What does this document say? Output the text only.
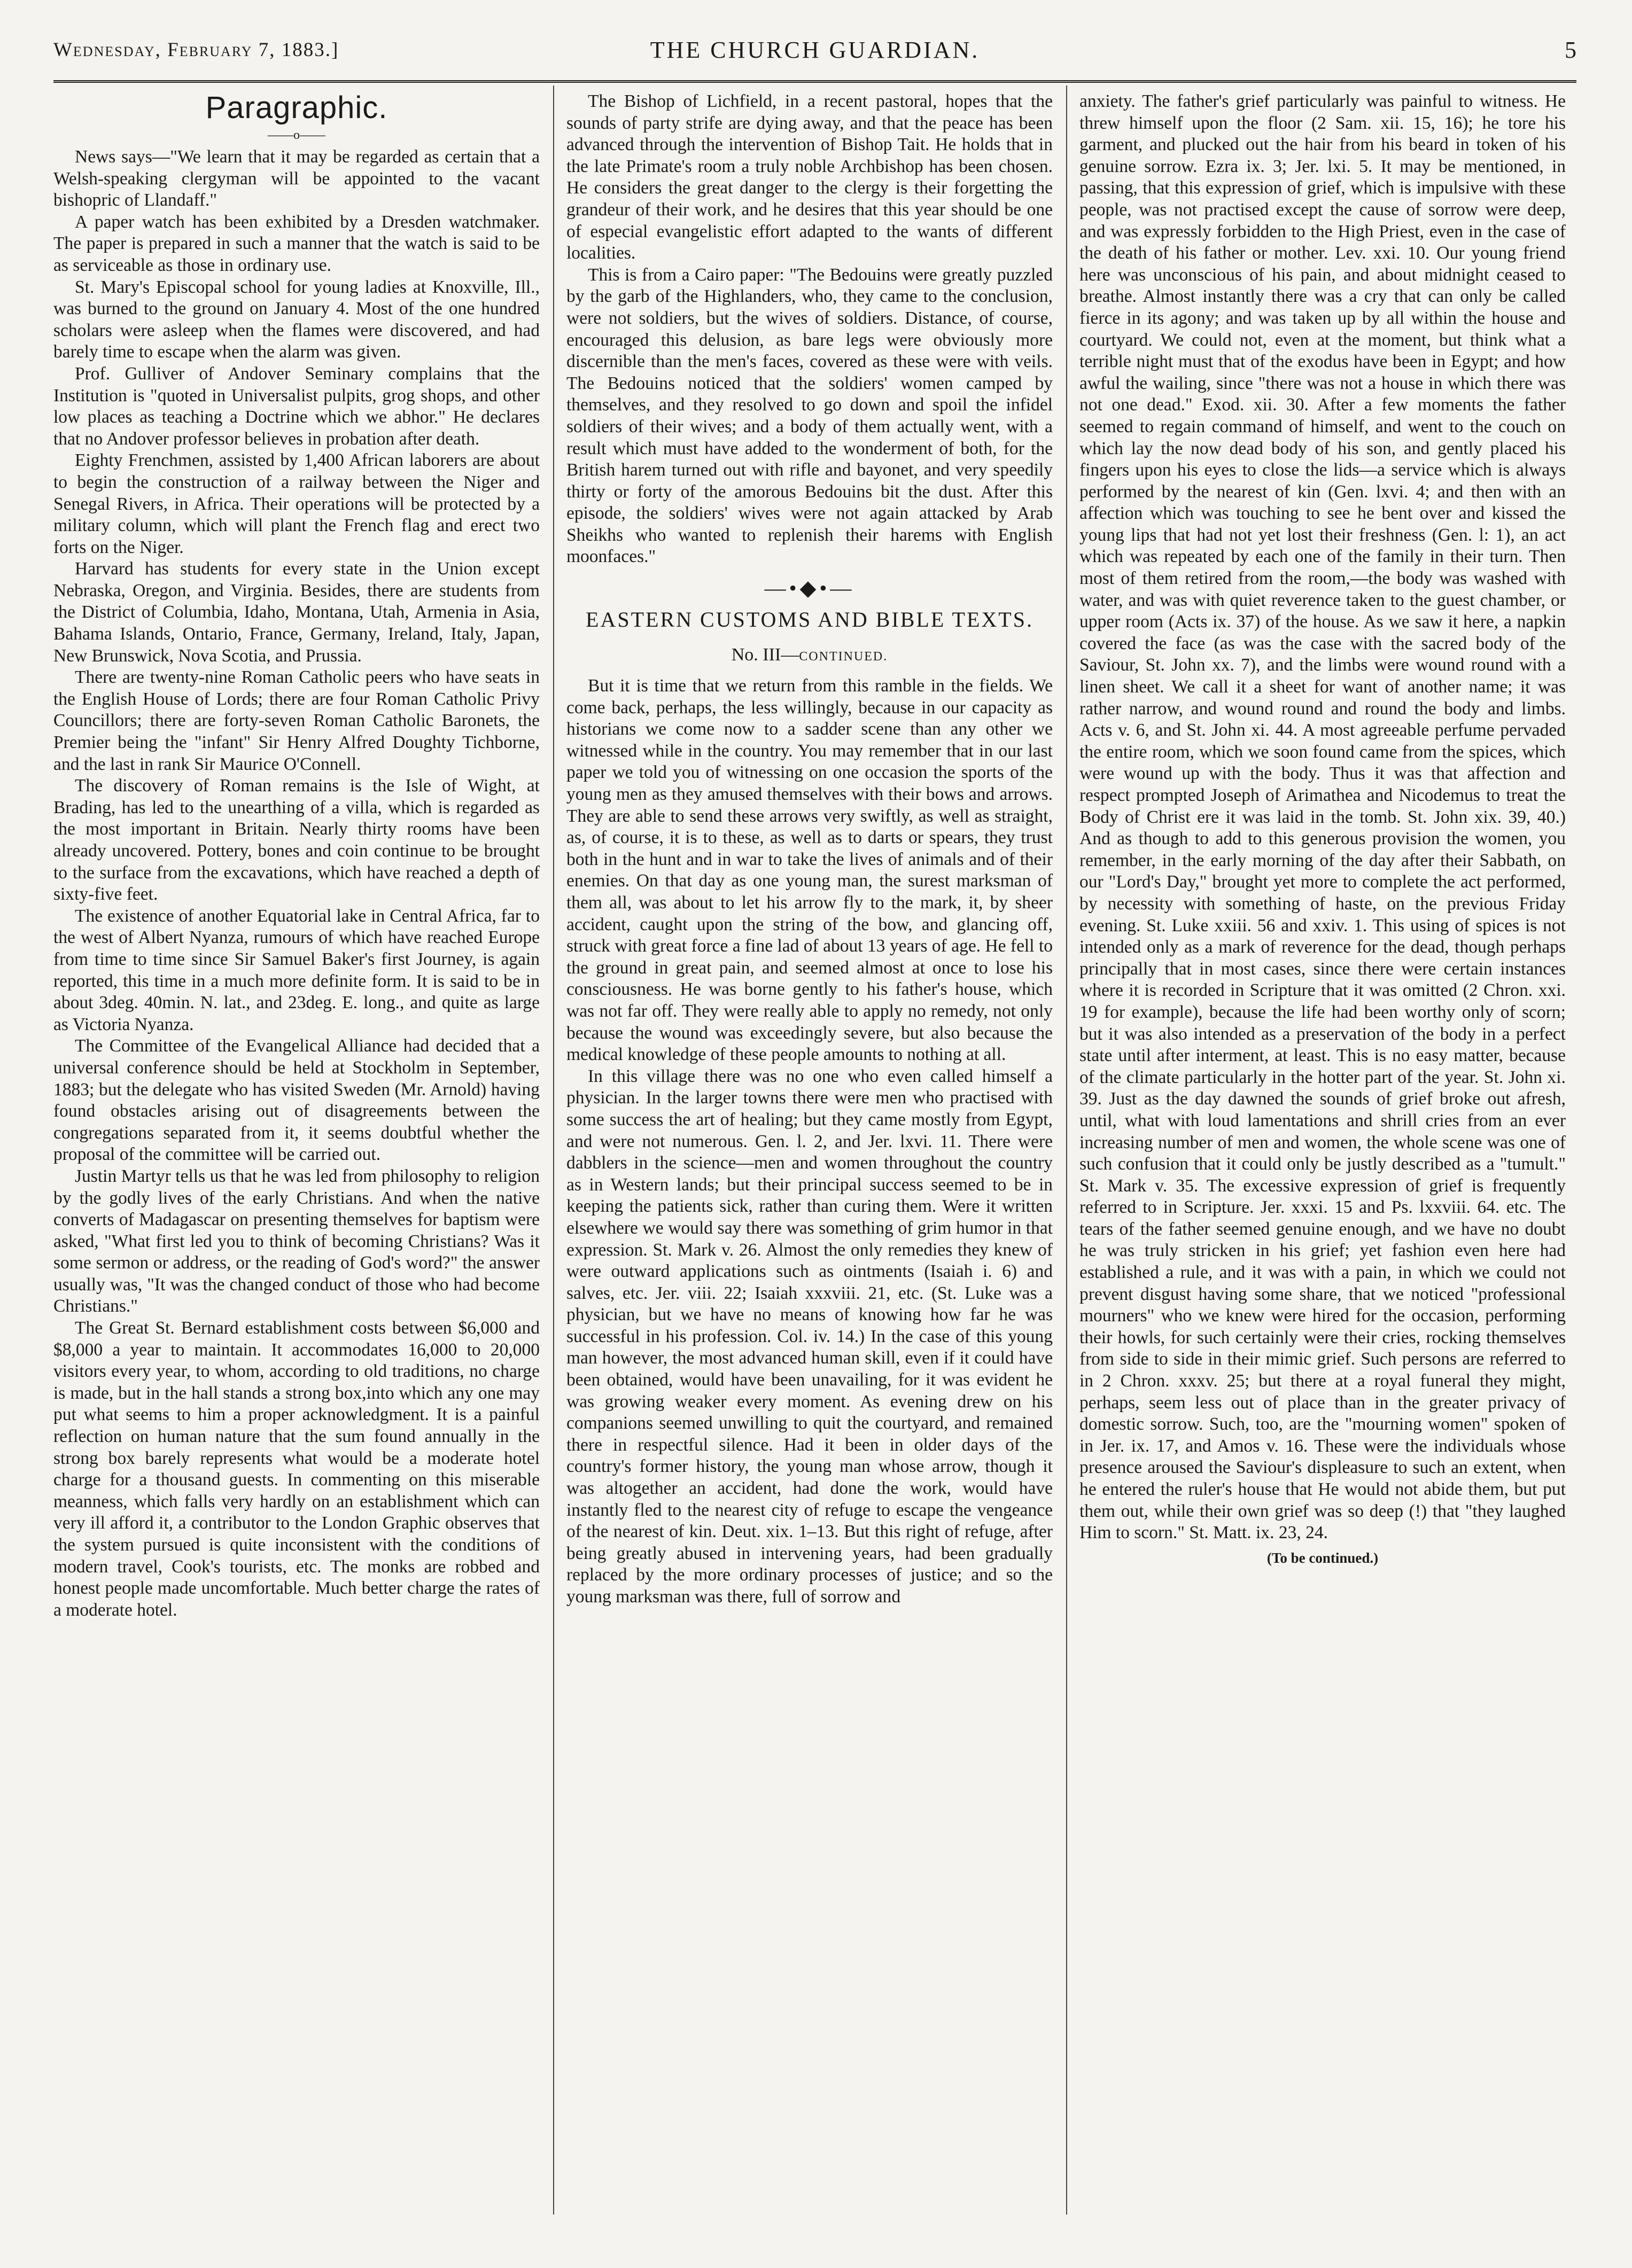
Wednesday, February 7, 1883.]	THE CHURCH GUARDIAN.	5
Paragraphic.
——o——

News says—"We learn that it may be regarded as certain that a Welsh-speaking clergyman will be appointed to the vacant bishopric of Llandaff."

A paper watch has been exhibited by a Dresden watchmaker. The paper is prepared in such a manner that the watch is said to be as serviceable as those in ordinary use.

St. Mary's Episcopal school for young ladies at Knoxville, Ill., was burned to the ground on January 4. Most of the one hundred scholars were asleep when the flames were discovered, and had barely time to escape when the alarm was given.

Prof. Gulliver of Andover Seminary complains that the Institution is "quoted in Universalist pulpits, grog shops, and other low places as teaching a Doctrine which we abhor." He declares that no Andover professor believes in probation after death.

Eighty Frenchmen, assisted by 1,400 African laborers are about to begin the construction of a railway between the Niger and Senegal Rivers, in Africa. Their operations will be protected by a military column, which will plant the French flag and erect two forts on the Niger.

Harvard has students for every state in the Union except Nebraska, Oregon, and Virginia. Besides, there are students from the District of Columbia, Idaho, Montana, Utah, Armenia in Asia, Bahama Islands, Ontario, France, Germany, Ireland, Italy, Japan, New Brunswick, Nova Scotia, and Prussia.

There are twenty-nine Roman Catholic peers who have seats in the English House of Lords; there are four Roman Catholic Privy Councillors; there are forty-seven Roman Catholic Baronets, the Premier being the "infant" Sir Henry Alfred Doughty Tichborne, and the last in rank Sir Maurice O'Connell.

The discovery of Roman remains is the Isle of Wight, at Brading, has led to the unearthing of a villa, which is regarded as the most important in Britain. Nearly thirty rooms have been already uncovered. Pottery, bones and coin continue to be brought to the surface from the excavations, which have reached a depth of sixty-five feet.

The existence of another Equatorial lake in Central Africa, far to the west of Albert Nyanza, rumours of which have reached Europe from time to time since Sir Samuel Baker's first Journey, is again reported, this time in a much more definite form. It is said to be in about 3deg. 40min. N. lat., and 23deg. E. long., and quite as large as Victoria Nyanza.

The Committee of the Evangelical Alliance had decided that a universal conference should be held at Stockholm in September, 1883; but the delegate who has visited Sweden (Mr. Arnold) having found obstacles arising out of disagreements between the congregations separated from it, it seems doubtful whether the proposal of the committee will be carried out.

Justin Martyr tells us that he was led from philosophy to religion by the godly lives of the early Christians. And when the native converts of Madagascar on presenting themselves for baptism were asked, "What first led you to think of becoming Christians? Was it some sermon or address, or the reading of God's word?" the answer usually was, "It was the changed conduct of those who had become Christians."

The Great St. Bernard establishment costs between $6,000 and $8,000 a year to maintain. It accommodates 16,000 to 20,000 visitors every year, to whom, according to old traditions, no charge is made, but in the hall stands a strong box,into which any one may put what seems to him a proper acknowledgment. It is a painful reflection on human nature that the sum found annually in the strong box barely represents what would be a moderate hotel charge for a thousand guests. In commenting on this miserable meanness, which falls very hardly on an establishment which can very ill afford it, a contributor to the London Graphic observes that the system pursued is quite inconsistent with the conditions of modern travel, Cook's tourists, etc. The monks are robbed and honest people made uncomfortable. Much better charge the rates of a moderate hotel.

The Bishop of Lichfield, in a recent pastoral, hopes that the sounds of party strife are dying away, and that the peace has been advanced through the intervention of Bishop Tait. He holds that in the late Primate's room a truly noble Archbishop has been chosen. He considers the great danger to the clergy is their forgetting the grandeur of their work, and he desires that this year should be one of especial evangelistic effort adapted to the wants of different localities.

This is from a Cairo paper: "The Bedouins were greatly puzzled by the garb of the Highlanders, who, they came to the conclusion, were not soldiers, but the wives of soldiers. Distance, of course, encouraged this delusion, as bare legs were obviously more discernible than the men's faces, covered as these were with veils. The Bedouins noticed that the soldiers' women camped by themselves, and they resolved to go down and spoil the infidel soldiers of their wives; and a body of them actually went, with a result which must have added to the wonderment of both, for the British harem turned out with rifle and bayonet, and very speedily thirty or forty of the amorous Bedouins bit the dust. After this episode, the soldiers' wives were not again attacked by Arab Sheikhs who wanted to replenish their harems with English moonfaces."

—•◆•—
EASTERN CUSTOMS AND BIBLE TEXTS.
No. III—CONTINUED.

But it is time that we return from this ramble in the fields. We come back, perhaps, the less willingly, because in our capacity as historians we come now to a sadder scene than any other we witnessed while in the country. You may remember that in our last paper we told you of witnessing on one occasion the sports of the young men as they amused themselves with their bows and arrows. They are able to send these arrows very swiftly, as well as straight, as, of course, it is to these, as well as to darts or spears, they trust both in the hunt and in war to take the lives of animals and of their enemies. On that day as one young man, the surest marksman of them all, was about to let his arrow fly to the mark, it, by sheer accident, caught upon the string of the bow, and glancing off, struck with great force a fine lad of about 13 years of age. He fell to the ground in great pain, and seemed almost at once to lose his consciousness. He was borne gently to his father's house, which was not far off. They were really able to apply no remedy, not only because the wound was exceedingly severe, but also because the medical knowledge of these people amounts to nothing at all.

In this village there was no one who even called himself a physician. In the larger towns there were men who practised with some success the art of healing; but they came mostly from Egypt, and were not numerous. Gen. l. 2, and Jer. lxvi. 11. There were dabblers in the science—men and women throughout the country as in Western lands; but their principal success seemed to be in keeping the patients sick, rather than curing them. Were it written elsewhere we would say there was something of grim humor in that expression. St. Mark v. 26. Almost the only remedies they knew of were outward applications such as ointments (Isaiah i. 6) and salves, etc. Jer. viii. 22; Isaiah xxxviii. 21, etc. (St. Luke was a physician, but we have no means of knowing how far he was successful in his profession. Col. iv. 14.) In the case of this young man however, the most advanced human skill, even if it could have been obtained, would have been unavailing, for it was evident he was growing weaker every moment. As evening drew on his companions seemed unwilling to quit the courtyard, and remained there in respectful silence. Had it been in older days of the country's former history, the young man whose arrow, though it was altogether an accident, had done the work, would have instantly fled to the nearest city of refuge to escape the vengeance of the nearest of kin. Deut. xix. 1–13. But this right of refuge, after being greatly abused in intervening years, had been gradually replaced by the more ordinary processes of justice; and so the young marksman was there, full of sorrow and

anxiety. The father's grief particularly was painful to witness. He threw himself upon the floor (2 Sam. xii. 15, 16); he tore his garment, and plucked out the hair from his beard in token of his genuine sorrow. Ezra ix. 3; Jer. lxi. 5. It may be mentioned, in passing, that this expression of grief, which is impulsive with these people, was not practised except the cause of sorrow were deep, and was expressly forbidden to the High Priest, even in the case of the death of his father or mother. Lev. xxi. 10. Our young friend here was unconscious of his pain, and about midnight ceased to breathe. Almost instantly there was a cry that can only be called fierce in its agony; and was taken up by all within the house and courtyard. We could not, even at the moment, but think what a terrible night must that of the exodus have been in Egypt; and how awful the wailing, since "there was not a house in which there was not one dead." Exod. xii. 30. After a few moments the father seemed to regain command of himself, and went to the couch on which lay the now dead body of his son, and gently placed his fingers upon his eyes to close the lids—a service which is always performed by the nearest of kin (Gen. lxvi. 4; and then with an affection which was touching to see he bent over and kissed the young lips that had not yet lost their freshness (Gen. l: 1), an act which was repeated by each one of the family in their turn. Then most of them retired from the room,—the body was washed with water, and was with quiet reverence taken to the guest chamber, or upper room (Acts ix. 37) of the house. As we saw it here, a napkin covered the face (as was the case with the sacred body of the Saviour, St. John xx. 7), and the limbs were wound round with a linen sheet. We call it a sheet for want of another name; it was rather narrow, and wound round and round the body and limbs. Acts v. 6, and St. John xi. 44. A most agreeable perfume pervaded the entire room, which we soon found came from the spices, which were wound up with the body. Thus it was that affection and respect prompted Joseph of Arimathea and Nicodemus to treat the Body of Christ ere it was laid in the tomb. St. John xix. 39, 40.) And as though to add to this generous provision the women, you remember, in the early morning of the day after their Sabbath, on our "Lord's Day," brought yet more to complete the act performed, by necessity with something of haste, on the previous Friday evening. St. Luke xxiii. 56 and xxiv. 1. This using of spices is not intended only as a mark of reverence for the dead, though perhaps principally that in most cases, since there were certain instances where it is recorded in Scripture that it was omitted (2 Chron. xxi. 19 for example), because the life had been worthy only of scorn; but it was also intended as a preservation of the body in a perfect state until after interment, at least. This is no easy matter, because of the climate particularly in the hotter part of the year. St. John xi. 39. Just as the day dawned the sounds of grief broke out afresh, until, what with loud lamentations and shrill cries from an ever increasing number of men and women, the whole scene was one of such confusion that it could only be justly described as a "tumult." St. Mark v. 35. The excessive expression of grief is frequently referred to in Scripture. Jer. xxxi. 15 and Ps. lxxviii. 64. etc. The tears of the father seemed genuine enough, and we have no doubt he was truly stricken in his grief; yet fashion even here had established a rule, and it was with a pain, in which we could not prevent disgust having some share, that we noticed "professional mourners" who we knew were hired for the occasion, performing their howls, for such certainly were their cries, rocking themselves from side to side in their mimic grief. Such persons are referred to in 2 Chron. xxxv. 25; but there at a royal funeral they might, perhaps, seem less out of place than in the greater privacy of domestic sorrow. Such, too, are the "mourning women" spoken of in Jer. ix. 17, and Amos v. 16. These were the individuals whose presence aroused the Saviour's displeasure to such an extent, when he entered the ruler's house that He would not abide them, but put them out, while their own grief was so deep (!) that "they laughed Him to scorn." St. Matt. ix. 23, 24.

(To be continued.)
